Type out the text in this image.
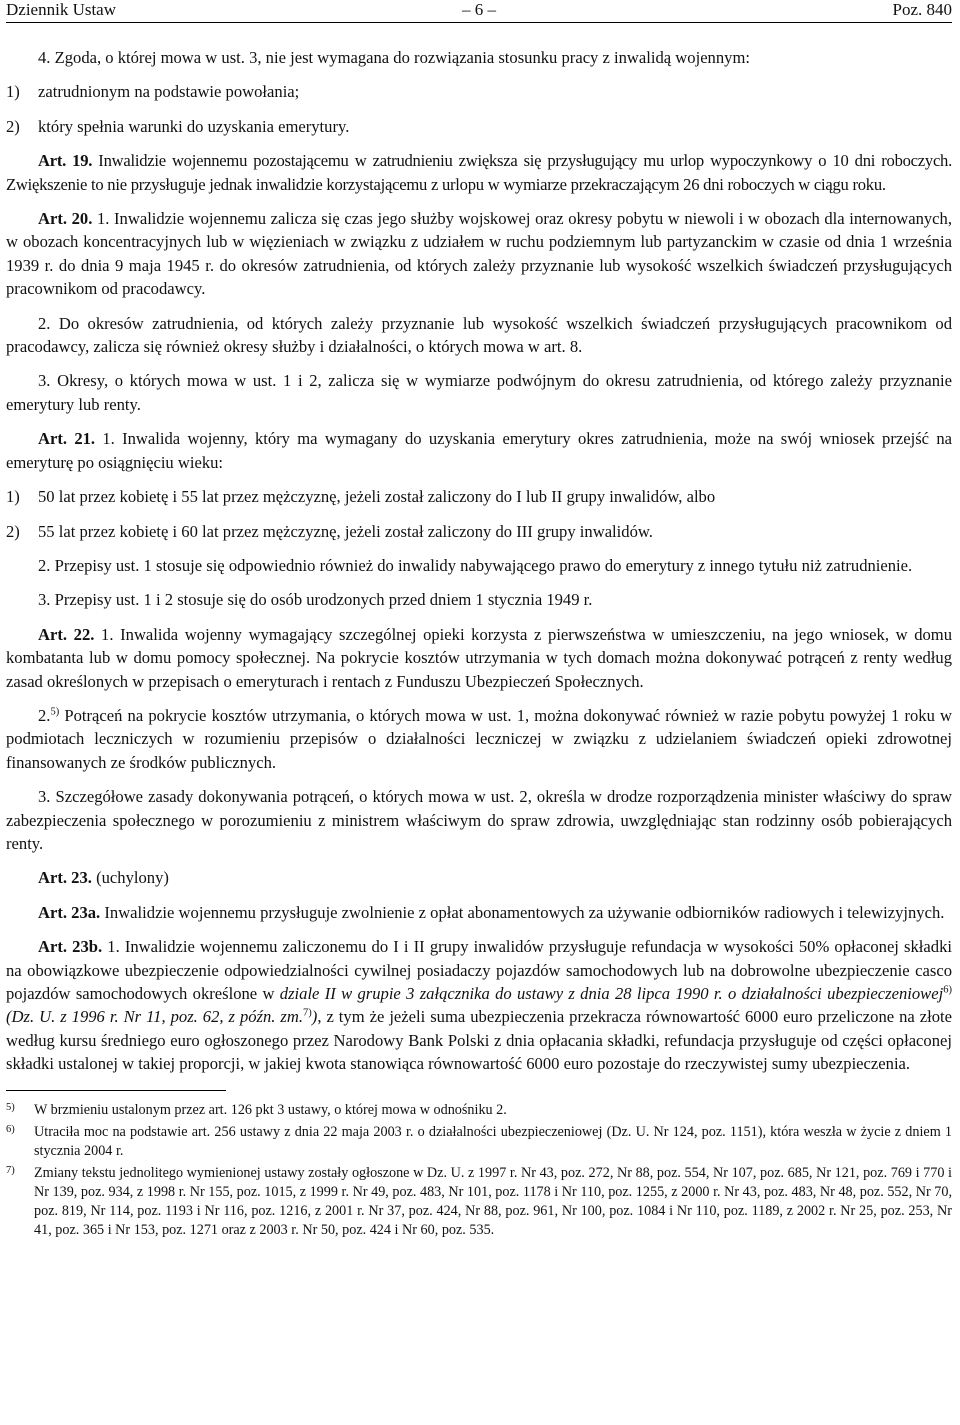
Dziennik Ustaw	– 6 –	Poz. 840

4. Zgoda, o której mowa w ust. 3, nie jest wymagana do rozwiązania stosunku pracy z inwalidą wojennym:

1)	zatrudnionym na podstawie powołania;

2)	który spełnia warunki do uzyskania emerytury.

Art. 19. Inwalidzie wojennemu pozostającemu w zatrudnieniu zwiększa się przysługujący mu urlop wypoczynkowy o 10 dni roboczych. Zwiększenie to nie przysługuje jednak inwalidzie korzystającemu z urlopu w wymiarze przekraczającym 26 dni roboczych w ciągu roku.

Art. 20. 1. Inwalidzie wojennemu zalicza się czas jego służby wojskowej oraz okresy pobytu w niewoli i w obozach dla internowanych, w obozach koncentracyjnych lub w więzieniach w związku z udziałem w ruchu podziemnym lub partyzanckim w czasie od dnia 1 września 1939 r. do dnia 9 maja 1945 r. do okresów zatrudnienia, od których zależy przyznanie lub wysokość wszelkich świadczeń przysługujących pracownikom od pracodawcy.

2. Do okresów zatrudnienia, od których zależy przyznanie lub wysokość wszelkich świadczeń przysługujących pracownikom od pracodawcy, zalicza się również okresy służby i działalności, o których mowa w art. 8.

3. Okresy, o których mowa w ust. 1 i 2, zalicza się w wymiarze podwójnym do okresu zatrudnienia, od którego zależy przyznanie emerytury lub renty.

Art. 21. 1. Inwalida wojenny, który ma wymagany do uzyskania emerytury okres zatrudnienia, może na swój wniosek przejść na emeryturę po osiągnięciu wieku:

1)	50 lat przez kobietę i 55 lat przez mężczyznę, jeżeli został zaliczony do I lub II grupy inwalidów, albo

2)	55 lat przez kobietę i 60 lat przez mężczyznę, jeżeli został zaliczony do III grupy inwalidów.

2. Przepisy ust. 1 stosuje się odpowiednio również do inwalidy nabywającego prawo do emerytury z innego tytułu niż zatrudnienie.

3. Przepisy ust. 1 i 2 stosuje się do osób urodzonych przed dniem 1 stycznia 1949 r.

Art. 22. 1. Inwalida wojenny wymagający szczególnej opieki korzysta z pierwszeństwa w umieszczeniu, na jego wniosek, w domu kombatanta lub w domu pomocy społecznej. Na pokrycie kosztów utrzymania w tych domach można dokonywać potrąceń z renty według zasad określonych w przepisach o emeryturach i rentach z Funduszu Ubezpieczeń Społecznych.

2.$^{5)}$ Potrąceń na pokrycie kosztów utrzymania, o których mowa w ust. 1, można dokonywać również w razie pobytu powyżej 1 roku w podmiotach leczniczych w rozumieniu przepisów o działalności leczniczej w związku z udzielaniem świadczeń opieki zdrowotnej finansowanych ze środków publicznych.

3. Szczegółowe zasady dokonywania potrąceń, o których mowa w ust. 2, określa w drodze rozporządzenia minister właściwy do spraw zabezpieczenia społecznego w porozumieniu z ministrem właściwym do spraw zdrowia, uwzględniając stan rodzinny osób pobierających renty.

Art. 23. (uchylony)

Art. 23a. Inwalidzie wojennemu przysługuje zwolnienie z opłat abonamentowych za używanie odbiorników radiowych i telewizyjnych.

Art. 23b. 1. Inwalidzie wojennemu zaliczonemu do I i II grupy inwalidów przysługuje refundacja w wysokości 50% opłaconej składki na obowiązkowe ubezpieczenie odpowiedzialności cywilnej posiadaczy pojazdów samochodowych lub na dobrowolne ubezpieczenie casco pojazdów samochodowych określone w dziale II w grupie 3 załącznika do ustawy z dnia 28 lipca 1990 r. o działalności ubezpieczeniowej$^{6)}$ (Dz. U. z 1996 r. Nr 11, poz. 62, z późn. zm.$^{7)}$), z tym że jeżeli suma ubezpieczenia przekracza równowartość 6000 euro przeliczone na złote według kursu średniego euro ogłoszonego przez Narodowy Bank Polski z dnia opłacania składki, refundacja przysługuje od części opłaconej składki ustalonej w takiej proporcji, w jakiej kwota stanowiąca równowartość 6000 euro pozostaje do rzeczywistej sumy ubezpieczenia.

5)	W brzmieniu ustalonym przez art. 126 pkt 3 ustawy, o której mowa w odnośniku 2.
6)	Utraciła moc na podstawie art. 256 ustawy z dnia 22 maja 2003 r. o działalności ubezpieczeniowej (Dz. U. Nr 124, poz. 1151), która weszła w życie z dniem 1 stycznia 2004 r.
7)	Zmiany tekstu jednolitego wymienionej ustawy zostały ogłoszone w Dz. U. z 1997 r. Nr 43, poz. 272, Nr 88, poz. 554, Nr 107, poz. 685, Nr 121, poz. 769 i 770 i Nr 139, poz. 934, z 1998 r. Nr 155, poz. 1015, z 1999 r. Nr 49, poz. 483, Nr 101, poz. 1178 i Nr 110, poz. 1255, z 2000 r. Nr 43, poz. 483, Nr 48, poz. 552, Nr 70, poz. 819, Nr 114, poz. 1193 i Nr 116, poz. 1216, z 2001 r. Nr 37, poz. 424, Nr 88, poz. 961, Nr 100, poz. 1084 i Nr 110, poz. 1189, z 2002 r. Nr 25, poz. 253, Nr 41, poz. 365 i Nr 153, poz. 1271 oraz z 2003 r. Nr 50, poz. 424 i Nr 60, poz. 535.
